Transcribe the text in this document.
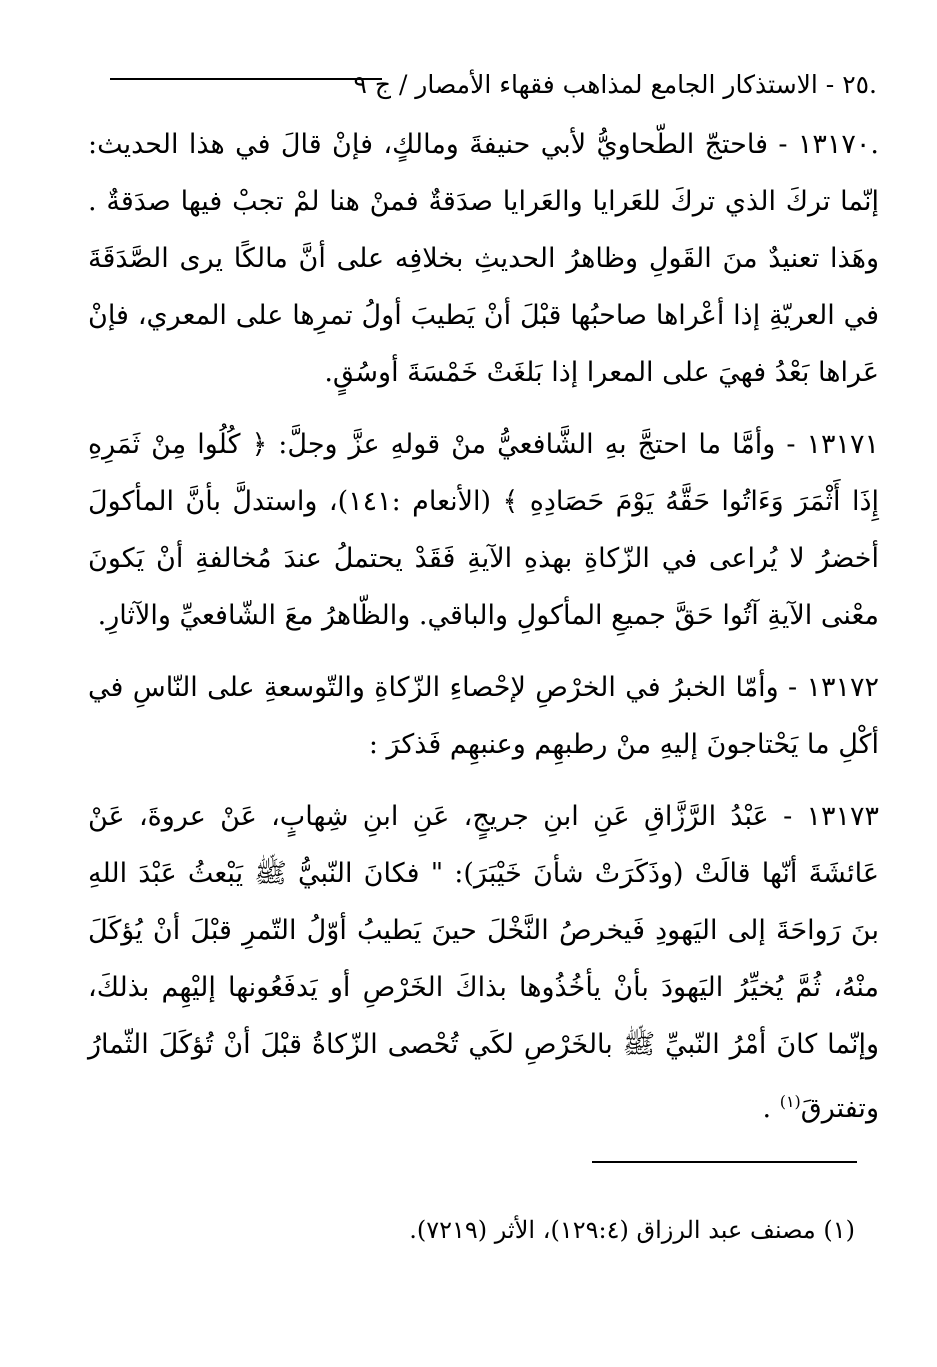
.٢٥ - الاستذكار الجامع لمذاهب فقهاء الأمصار / ج ٩

.١٣١٧٠ - فاحتجّ الطّحاويُّ لأبي حنيفةَ ومالكٍ، فإنْ قالَ في هذا الحديث: إنّما تركَ الذي تركَ للعَرايا والعَرايا صدَقةٌ فمنْ هنا لمْ تجبْ فيها صدَقةٌ . وهَذا تعنيدٌ منَ القَولِ وظاهرُ الحديثِ بخلافِه على أنَّ مالكًا يرى الصَّدَقَةَ في العريّةِ إذا أعْراها صاحبُها قبْلَ أنْ يَطيبَ أولُ تمرِها على المعري، فإنْ عَراها بَعْدُ فهيَ على المعرا إذا بَلغَتْ خَمْسَةَ أوسُقٍ.

١٣١٧١ - وأمَّا ما احتجَّ بهِ الشَّافعيُّ منْ قولهِ عزَّ وجلَّ: ﴿ كُلُوا مِنْ ثَمَرِهِ إِذَا أَثْمَرَ وَءَاتُوا حَقَّهُ يَوْمَ حَصَادِهِ ﴾ (الأنعام :١٤١)، واستدلَّ بأنَّ المأكولَ أخضرُ لا يُراعى في الزّكاةِ بهذهِ الآيةِ فَقَدْ يحتملُ عندَ مُخالفةِ أنْ يَكونَ معْنى الآيةِ آتُوا حَقَّ جميعِ المأكولِ والباقي. والظّاهرُ معَ الشّافعيِّ والآثارِ.

١٣١٧٢ - وأمّا الخبرُ في الخرْصِ لإحْصاءِ الزّكاةِ والتّوسعةِ على النّاسِ في أكْلِ ما يَحْتاجونَ إليهِ منْ رطبهِم وعنبهِم فَذكرَ :

١٣١٧٣ - عَبْدُ الرَّزَّاقِ عَنِ ابنِ جريجٍ، عَنِ ابنِ شِهابٍ، عَنْ عروةَ، عَنْ عَائشَةَ أنّها قالَتْ (وذَكَرَتْ شأنَ خَيْبَرَ): " فكانَ النّبيُّ ﷺ يَبْعثُ عَبْدَ اللهِ بنَ رَواحَةَ إلى اليَهودِ فَيخرصُ النَّخْلَ حينَ يَطيبُ أوّلُ التّمرِ قبْلَ أنْ يُؤكَلَ منْهُ، ثُمَّ يُخيِّرُ اليَهودَ بأنْ يأخُذُوها بذاكَ الخَرْصِ أو يَدفَعُونها إليْهِم بذلكَ، وإنّما كانَ أمْرُ النّبيِّ ﷺ بالخَرْصِ لكَي تُحْصى الزّكاةُ قبْلَ أنْ تُؤكَلَ الثّمارُ وتفترقَ$^{(١)}$ .

(١) مصنف عبد الرزاق (١٢٩:٤)، الأثر (٧٢١٩).
